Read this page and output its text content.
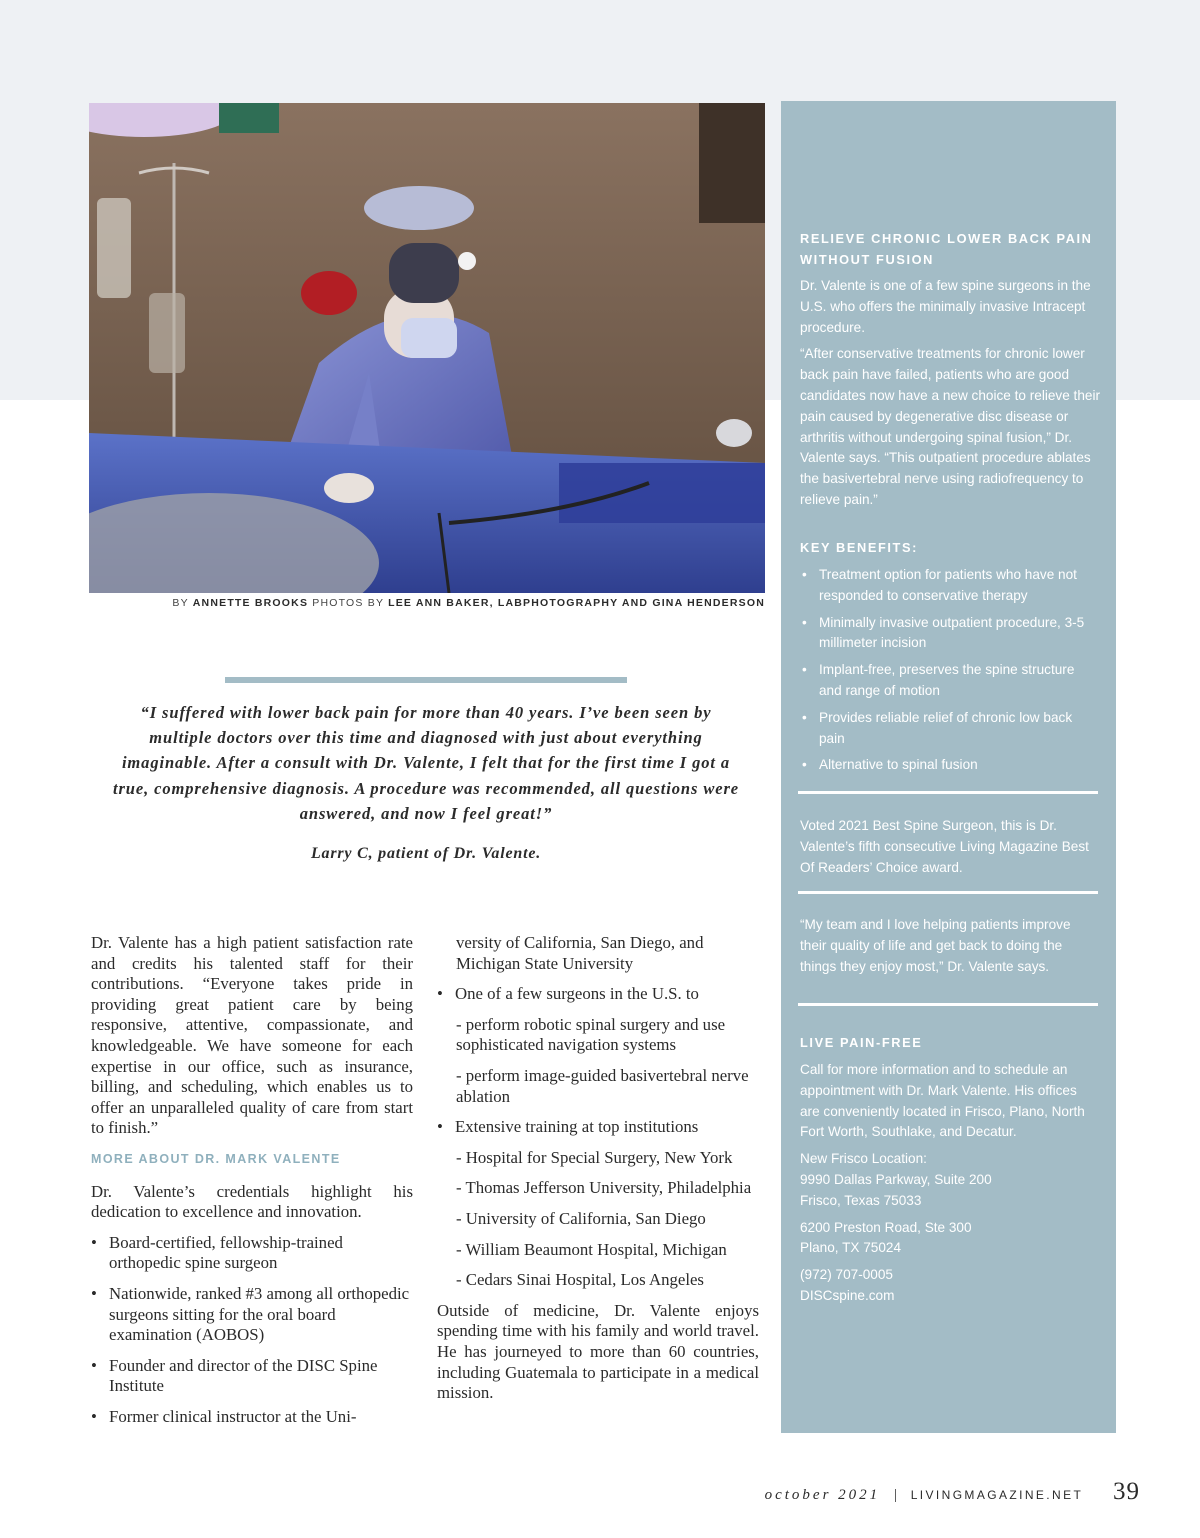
BY ANNETTE BROOKS PHOTOS BY LEE ANN BAKER, LABPHOTOGRAPHY AND GINA HENDERSON
“I suffered with lower back pain for more than 40 years. I’ve been seen by multiple doctors over this time and diagnosed with just about everything imaginable. After a consult with Dr. Valente, I felt that for the first time I got a true, comprehensive diagnosis. A procedure was recommended, all questions were answered, and now I feel great!”
Larry C, patient of Dr. Valente.

Dr. Valente has a high patient satisfaction rate and credits his talented staff for their contributions. “Everyone takes pride in providing great patient care by being responsive, attentive, compassionate, and knowledgeable. We have someone for each expertise in our office, such as insurance, billing, and scheduling, which enables us to offer an unparalleled quality of care from start to finish.”

MORE ABOUT DR. MARK VALENTE

Dr. Valente’s credentials highlight his dedication to excellence and innovation.

• Board-certified, fellowship-trained orthopedic spine surgeon
• Nationwide, ranked #3 among all orthopedic surgeons sitting for the oral board examination (AOBOS)
• Founder and director of the DISC Spine Institute
• Former clinical instructor at the Uni-
versity of California, San Diego, and Michigan State University
• One of a few surgeons in the U.S. to
- perform robotic spinal surgery and use sophisticated navigation systems
- perform image-guided basivertebral nerve ablation
• Extensive training at top institutions
- Hospital for Special Surgery, New York
- Thomas Jefferson University, Philadelphia
- University of California, San Diego
- William Beaumont Hospital, Michigan
- Cedars Sinai Hospital, Los Angeles

Outside of medicine, Dr. Valente enjoys spending time with his family and world travel. He has journeyed to more than 60 countries, including Guatemala to participate in a medical mission.

RELIEVE CHRONIC LOWER BACK PAIN
WITHOUT FUSION

Dr. Valente is one of a few spine surgeons in the U.S. who offers the minimally invasive Intracept procedure.

“After conservative treatments for chronic lower back pain have failed, patients who are good candidates now have a new choice to relieve their pain caused by degenerative disc disease or arthritis without undergoing spinal fusion,” Dr. Valente says. “This outpatient procedure ablates the basivertebral nerve using radiofrequency to relieve pain.”

KEY BENEFITS:
• Treatment option for patients who have not responded to conservative therapy
• Minimally invasive outpatient procedure, 3-5 millimeter incision
• Implant-free, preserves the spine structure and range of motion
• Provides reliable relief of chronic low back pain
• Alternative to spinal fusion
Voted 2021 Best Spine Surgeon, this is Dr. Valente’s fifth consecutive Living Magazine Best Of Readers’ Choice award.
“My team and I love helping patients improve their quality of life and get back to doing the things they enjoy most,” Dr. Valente says.
LIVE PAIN-FREE

Call for more information and to schedule an appointment with Dr. Mark Valente. His offices are conveniently located in Frisco, Plano, North Fort Worth, Southlake, and Decatur.

New Frisco Location:
9990 Dallas Parkway, Suite 200
Frisco, Texas 75033

6200 Preston Road, Ste 300
Plano, TX 75024

(972) 707-0005
DISCspine.com

october 2021 | LIVINGMAGAZINE.NET 39
